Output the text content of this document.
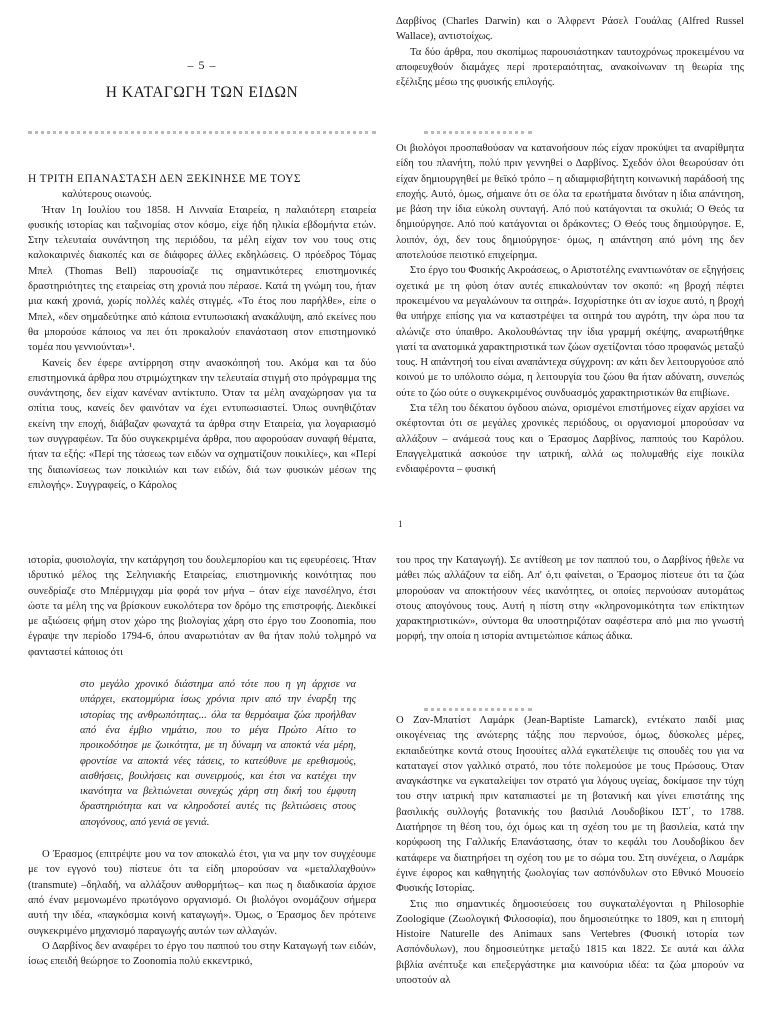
– 5 –
Η ΚΑΤΑΓΩΓΗ ΤΩΝ ΕΙΔΩΝ

Η ΤΡΙΤΗ ΕΠΑΝΑΣΤΑΣΗ ΔΕΝ ΞΕΚΙΝΗΣΕ ΜΕ ΤΟΥΣ

καλύτερους οιωνούς.

Ήταν 1η Ιουλίου του 1858. Η Λινναία Εταιρεία, η παλαιότερη εταιρεία φυσικής ιστορίας και ταξινομίας στον κόσμο, είχε ήδη ηλικία εβδομήντα ετών. Στην τελευταία συνάντηση της περιόδου, τα μέλη είχαν τον νου τους στις καλοκαιρινές διακοπές και σε διάφορες άλλες εκδηλώσεις. Ο πρόεδρος Τόμας Μπελ (Thomas Bell) παρουσίαζε τις σημαντικότερες επιστημονικές δραστηριότητες της εταιρείας στη χρονιά που πέρασε. Κατά τη γνώμη του, ήταν μια κακή χρονιά, χωρίς πολλές καλές στιγμές. «Το έτος που παρήλθε», είπε ο Μπελ, «δεν σημαδεύτηκε από κάποια εντυπωσιακή ανακάλυψη, από εκείνες που θα μπορούσε κάποιος να πει ότι προκαλούν επανάσταση στον επιστημονικό τομέα που γεννιούνται»¹.

Κανείς δεν έφερε αντίρρηση στην ανασκόπησή του. Ακόμα και τα δύο επιστημονικά άρθρα που στριμώχτηκαν την τελευταία στιγμή στο πρόγραμμα της συνάντησης, δεν είχαν κανέναν αντίκτυπο. Όταν τα μέλη αναχώρησαν για τα σπίτια τους, κανείς δεν φαινόταν να έχει εντυπωσιαστεί. Όπως συνηθιζόταν εκείνη την εποχή, διάβαζαν φωναχτά τα άρθρα στην Εταιρεία, για λογαριασμό των συγγραφέων. Τα δύο συγκεκριμένα άρθρα, που αφορούσαν συναφή θέματα, ήταν τα εξής: «Περί της τάσεως των ειδών να σχηματίζουν ποικιλίες», και «Περί της διαιωνίσεως των ποικιλιών και των ειδών, διά των φυσικών μέσων της επιλογής». Συγγραφείς, ο Κάρολος

Δαρβίνος (Charles Darwin) και ο Άλφρεντ Ράσελ Γουάλας (Alfred Russel Wallace), αντιστοίχως.

Τα δύο άρθρα, που σκοπίμως παρουσιάστηκαν ταυτοχρόνως προκειμένου να αποφευχθούν διαμάχες περί προτεραιότητας, ανακοίνωναν τη θεωρία της εξέλιξης μέσω της φυσικής επιλογής.

Οι βιολόγοι προσπαθούσαν να κατανοήσουν πώς είχαν προκύψει τα αναρίθμητα είδη του πλανήτη, πολύ πριν γεννηθεί ο Δαρβίνος. Σχεδόν όλοι θεωρούσαν ότι είχαν δημιουργηθεί με θεϊκό τρόπο – η αδιαμφισβήτητη κοινωνική παράδοσή της εποχής. Αυτό, όμως, σήμαινε ότι σε όλα τα ερωτήματα δινόταν η ίδια απάντηση, με βάση την ίδια εύκολη συνταγή. Από πού κατάγονται τα σκυλιά; Ο Θεός τα δημιούργησε. Από πού κατάγονται οι δράκοντες; Ο Θεός τους δημιούργησε. Ε, λοιπόν, όχι, δεν τους δημιούργησε· όμως, η απάντηση από μόνη της δεν αποτελούσε πειστικό επιχείρημα.

Στο έργο του Φυσικής Ακροάσεως, ο Αριστοτέλης εναντιωνόταν σε εξηγήσεις σχετικά με τη φύση όταν αυτές επικαλούνταν τον σκοπό: «η βροχή πέφτει προκειμένου να μεγαλώνουν τα σιτηρά». Ισχυρίστηκε ότι αν ίσχυε αυτό, η βροχή θα υπήρχε επίσης για να καταστρέψει τα σιτηρά του αγρότη, την ώρα που τα αλώνιζε στο ύπαιθρο. Ακολουθώντας την ίδια γραμμή σκέψης, αναρωτήθηκε γιατί τα ανατομικά χαρακτηριστικά των ζώων σχετίζονται τόσο προφανώς μεταξύ τους. Η απάντησή του είναι αναπάντεχα σύγχρονη: αν κάτι δεν λειτουργούσε από κοινού με το υπόλοιπο σώμα, η λειτουργία του ζώου θα ήταν αδύνατη, συνεπώς ούτε το ζώο ούτε ο συγκεκριμένος συνδυασμός χαρακτηριστικών θα επιβίωνε.

Στα τέλη του δέκατου όγδοου αιώνα, ορισμένοι επιστήμονες είχαν αρχίσει να σκέφτονται ότι σε μεγάλες χρονικές περιόδους, οι οργανισμοί μπορούσαν να αλλάξουν – ανάμεσά τους και ο Έρασμος Δαρβίνος, παππούς του Καρόλου. Επαγγελματικά ασκούσε την ιατρική, αλλά ως πολυμαθής είχε ποικίλα ενδιαφέροντα – φυσική

1

ιστορία, φυσιολογία, την κατάργηση του δουλεμπορίου και τις εφευρέσεις. Ήταν ιδρυτικό μέλος της Σεληνιακής Εταιρείας, επιστημονικής κοινότητας που συνεδρίαζε στο Μπέρμιγχαμ μία φορά τον μήνα – όταν είχε πανσέληνο, έτσι ώστε τα μέλη της να βρίσκουν ευκολότερα τον δρόμο της επιστροφής. Διεκδικεί με αξιώσεις φήμη στον χώρο της βιολογίας χάρη στο έργο του Zoonomia, που έγραψε την περίοδο 1794-6, όπου αναρωτιόταν αν θα ήταν πολύ τολμηρό να φανταστεί κάποιος ότι

στο μεγάλο χρονικό διάστημα από τότε που η γη άρχισε να υπάρχει, εκατομμύρια ίσως χρόνια πριν από την έναρξη της ιστορίας της ανθρωπότητας... όλα τα θερμόαιμα ζώα προήλθαν από ένα έμβιο νημάτιο, που το μέγα Πρώτο Αίτιο το προικοδότησε με ζωικότητα, με τη δύναμη να αποκτά νέα μέρη, φροντίσε να αποκτά νέες τάσεις, το κατεύθυνε με ερεθισμούς, αισθήσεις, βουλήσεις και συνειρμούς, και έτσι να κατέχει την ικανότητα να βελτιώνεται συνεχώς χάρη στη δική του έμφυτη δραστηριότητα και να κληροδοτεί αυτές τις βελτιώσεις στους απογόνους, από γενιά σε γενιά.

Ο Έρασμος (επιτρέψτε μου να τον αποκαλώ έτσι, για να μην τον συγχέουμε με τον εγγονό του) πίστευε ότι τα είδη μπορούσαν να «μεταλλαχθούν» (transmute) –δηλαδή, να αλλάξουν αυθορμήτως– και πως η διαδικασία άρχισε από έναν μεμονωμένο πρωτόγονο οργανισμό. Οι βιολόγοι ονομάζουν σήμερα αυτή την ιδέα, «παγκόσμια κοινή καταγωγή». Όμως, ο Έρασμος δεν πρότεινε συγκεκριμένο μηχανισμό παραγωγής αυτών των αλλαγών.

Ο Δαρβίνος δεν αναφέρει το έργο του παππού του στην Καταγωγή των ειδών, ίσως επειδή θεώρησε το Zoonomia πολύ εκκεντρικό,

του προς την Καταγωγή). Σε αντίθεση με τον παππού του, ο Δαρβίνος ήθελε να μάθει πώς αλλάζουν τα είδη. Απ' ό,τι φαίνεται, ο Έρασμος πίστευε ότι τα ζώα μπορούσαν να αποκτήσουν νέες ικανότητες, οι οποίες περνούσαν αυτομάτως στους απογόνους τους. Αυτή η πίστη στην «κληρονομικότητα των επίκτητων χαρακτηριστικών», σύντομα θα υποστηριζόταν σαφέστερα από μια πιο γνωστή μορφή, την οποία η ιστορία αντιμετώπισε κάπως άδικα.

Ο Ζαν-Μπατίστ Λαμάρκ (Jean-Baptiste Lamarck), εντέκατο παιδί μιας οικογένειας της ανώτερης τάξης που περνούσε, όμως, δύσκολες μέρες, εκπαιδεύτηκε κοντά στους Ιησουίτες αλλά εγκατέλειψε τις σπουδές του για να καταταγεί στον γαλλικό στρατό, που τότε πολεμούσε με τους Πρώσους. Όταν αναγκάστηκε να εγκαταλείψει τον στρατό για λόγους υγείας, δοκίμασε την τύχη του στην ιατρική πριν καταπιαστεί με τη βοτανική και γίνει επιστάτης της βασιλικής συλλογής βοτανικής του βασιλιά Λουδοβίκου ΙΣΤ΄, το 1788. Διατήρησε τη θέση του, όχι όμως και τη σχέση του με τη βασιλεία, κατά την κορύφωση της Γαλλικής Επανάστασης, όταν το κεφάλι του Λουδοβίκου δεν κατάφερε να διατηρήσει τη σχέση του με το σώμα του. Στη συνέχεια, ο Λαμάρκ έγινε έφορος και καθηγητής ζωολογίας των ασπόνδυλων στο Εθνικό Μουσείο Φυσικής Ιστορίας.

Στις πιο σημαντικές δημοσιεύσεις του συγκαταλέγονται η Philosophie Zoologique (Ζωολογική Φιλοσοφία), που δημοσιεύτηκε το 1809, και η επιτομή Histoire Naturelle des Animaux sans Vertebres (Φυσική ιστορία των Ασπόνδυλων), που δημοσιεύτηκε μεταξύ 1815 και 1822. Σε αυτά και άλλα βιβλία ανέπτυξε και επεξεργάστηκε μια καινούρια ιδέα: τα ζώα μπορούν να υποστούν αλ
